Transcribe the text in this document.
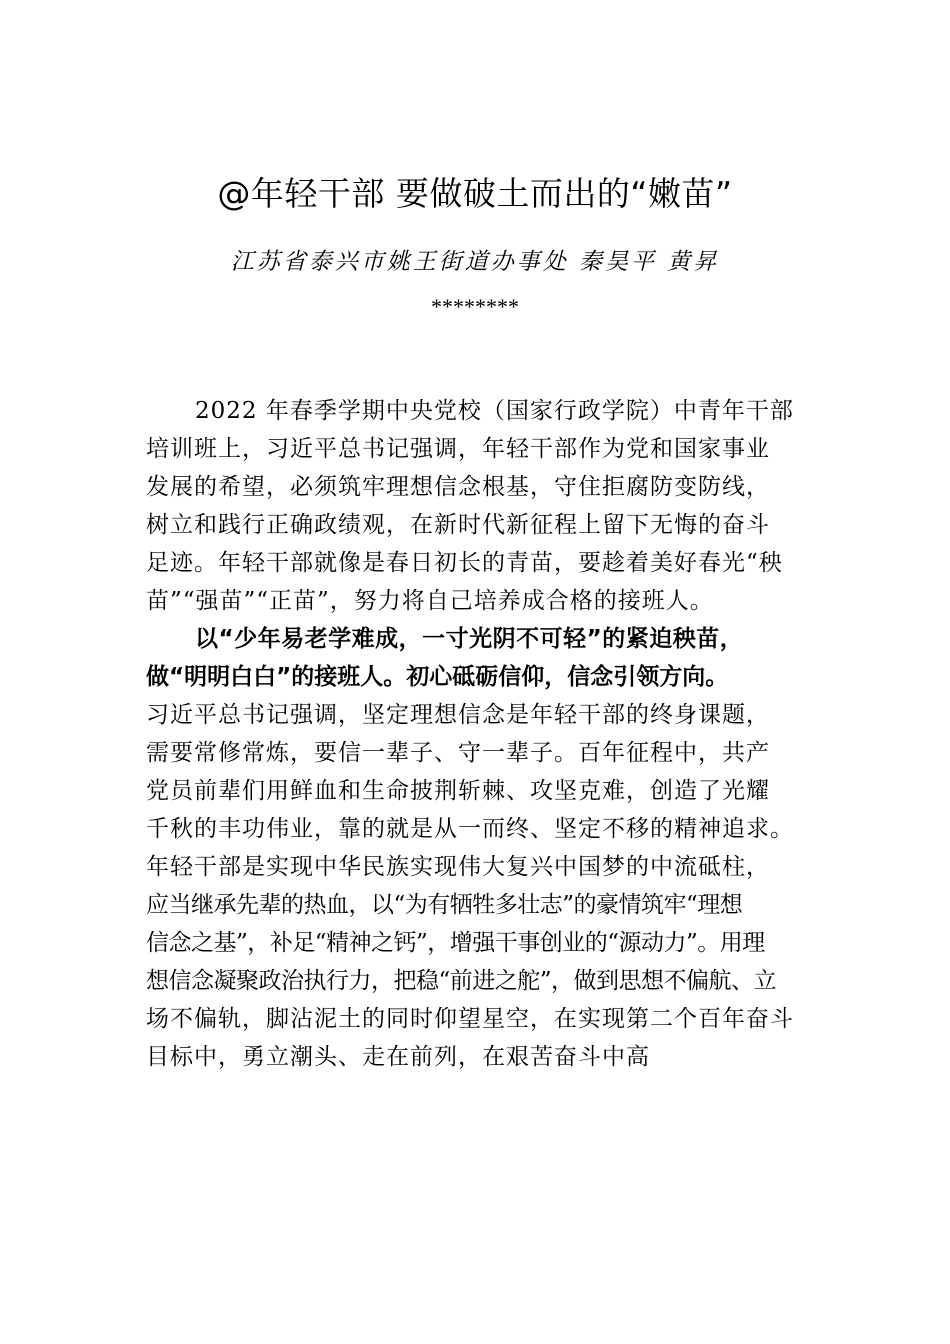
@年轻干部 要做破土而出的“嫩苗”
江苏省泰兴市姚王街道办事处 秦昊平 黄昇
********
2022 年春季学期中央党校（国家行政学院）中青年干部
培训班上，习近平总书记强调，年轻干部作为党和国家事业
发展的希望，必须筑牢理想信念根基，守住拒腐防变防线，
树立和践行正确政绩观，在新时代新征程上留下无悔的奋斗
足迹。年轻干部就像是春日初长的青苗，要趁着美好春光“秧
苗”“强苗”“正苗”，努力将自己培养成合格的接班人。
以“少年易老学难成，一寸光阴不可轻”的紧迫秧苗，
做“明明白白”的接班人。初心砥砺信仰，信念引领方向。
习近平总书记强调，坚定理想信念是年轻干部的终身课题，
需要常修常炼，要信一辈子、守一辈子。百年征程中，共产
党员前辈们用鲜血和生命披荆斩棘、攻坚克难，创造了光耀
千秋的丰功伟业，靠的就是从一而终、坚定不移的精神追求。
年轻干部是实现中华民族实现伟大复兴中国梦的中流砥柱，
应当继承先辈的热血，以“为有牺牲多壮志”的豪情筑牢“理想
信念之基”，补足“精神之钙”，增强干事创业的“源动力”。用理
想信念凝聚政治执行力，把稳“前进之舵”，做到思想不偏航、立
场不偏轨，脚沾泥土的同时仰望星空，在实现第二个百年奋斗
目标中，勇立潮头、走在前列，在艰苦奋斗中高
